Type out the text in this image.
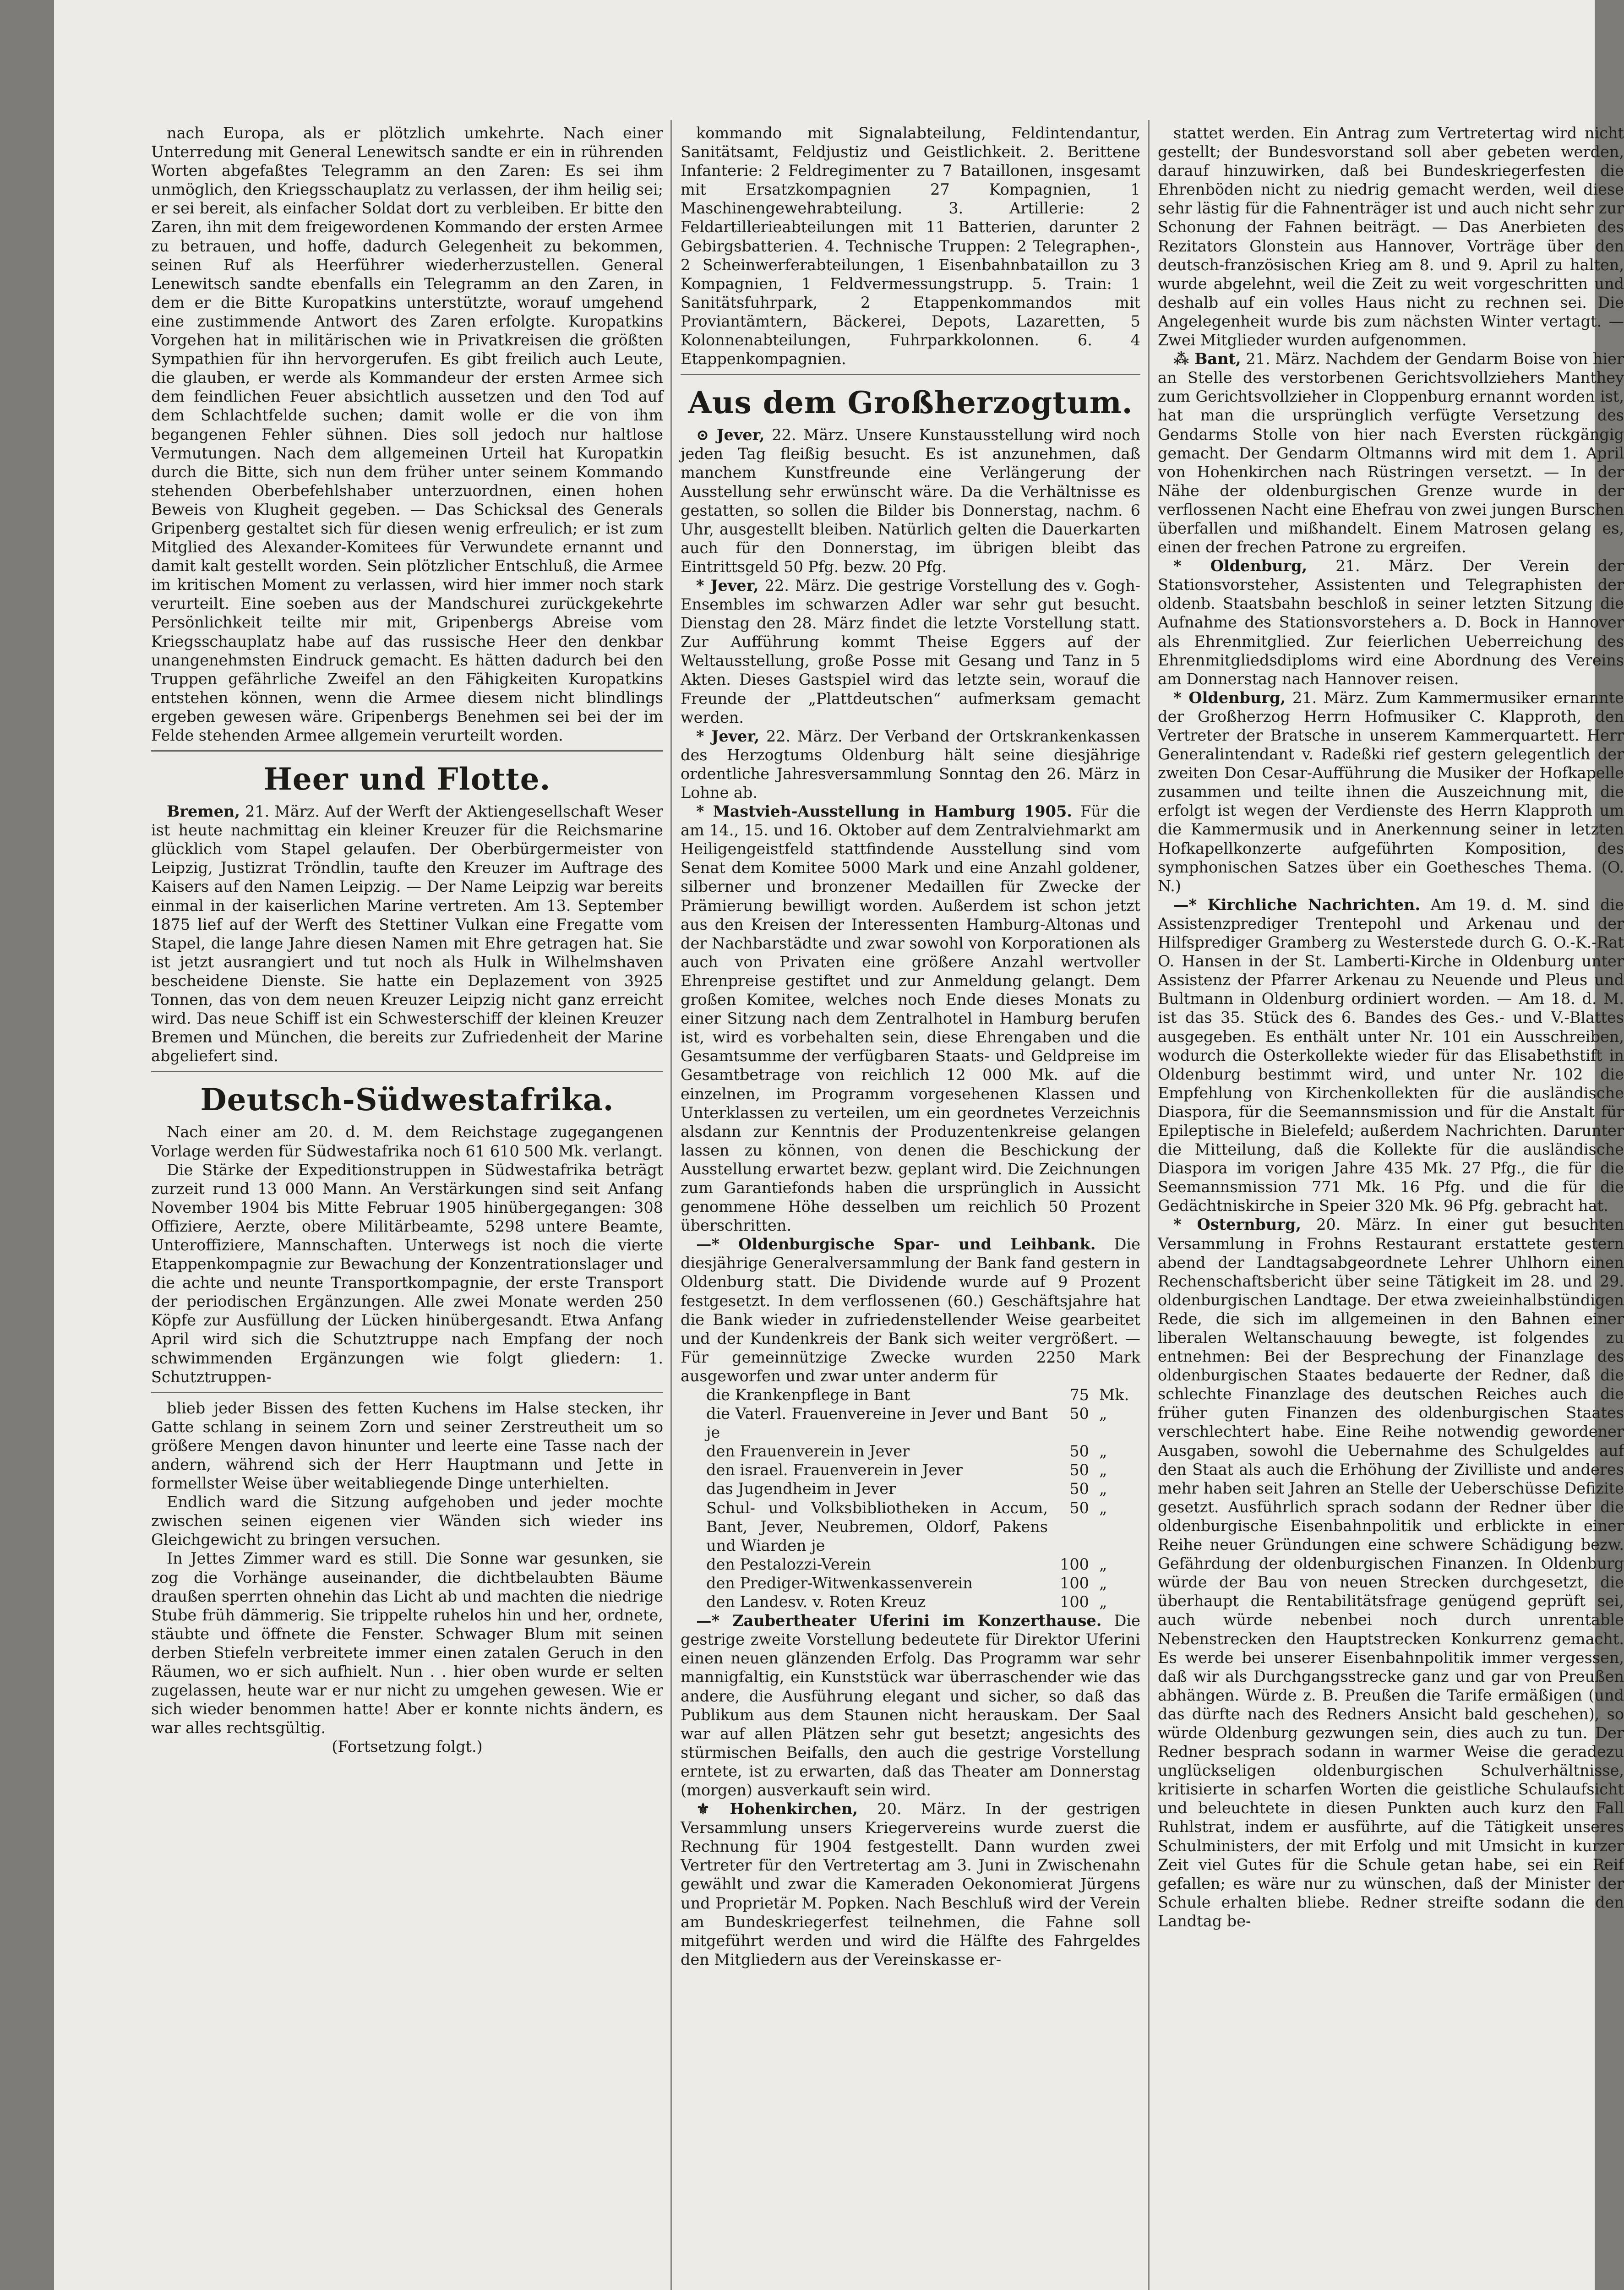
nach Europa, als er plötzlich umkehrte. Nach einer Unterredung mit General Lenewitsch sandte er ein in rührenden Worten abgefaßtes Telegramm an den Zaren: Es sei ihm unmöglich, den Kriegsschauplatz zu verlassen, der ihm heilig sei; er sei bereit, als einfacher Soldat dort zu verbleiben. Er bitte den Zaren, ihn mit dem freigewordenen Kommando der ersten Armee zu betrauen, und hoffe, dadurch Gelegenheit zu bekommen, seinen Ruf als Heerführer wiederherzustellen. General Lenewitsch sandte ebenfalls ein Telegramm an den Zaren, in dem er die Bitte Kuropatkins unterstützte, worauf umgehend eine zustimmende Antwort des Zaren erfolgte. Kuropatkins Vorgehen hat in militärischen wie in Privatkreisen die größten Sympathien für ihn hervorgerufen. Es gibt freilich auch Leute, die glauben, er werde als Kommandeur der ersten Armee sich dem feindlichen Feuer absichtlich aussetzen und den Tod auf dem Schlachtfelde suchen; damit wolle er die von ihm begangenen Fehler sühnen. Dies soll jedoch nur haltlose Vermutungen. Nach dem allgemeinen Urteil hat Kuropatkin durch die Bitte, sich nun dem früher unter seinem Kommando stehenden Oberbefehlshaber unterzuordnen, einen hohen Beweis von Klugheit gegeben. — Das Schicksal des Generals Gripenberg gestaltet sich für diesen wenig erfreulich; er ist zum Mitglied des Alexander-Komitees für Verwundete ernannt und damit kalt gestellt worden. Sein plötzlicher Entschluß, die Armee im kritischen Moment zu verlassen, wird hier immer noch stark verurteilt. Eine soeben aus der Mandschurei zurückgekehrte Persönlichkeit teilte mir mit, Gripenbergs Abreise vom Kriegsschauplatz habe auf das russische Heer den denkbar unangenehmsten Eindruck gemacht. Es hätten dadurch bei den Truppen gefährliche Zweifel an den Fähigkeiten Kuropatkins entstehen können, wenn die Armee diesem nicht blindlings ergeben gewesen wäre. Gripenbergs Benehmen sei bei der im Felde stehenden Armee allgemein verurteilt worden.

Heer und Flotte.

Bremen, 21. März. Auf der Werft der Aktiengesellschaft Weser ist heute nachmittag ein kleiner Kreuzer für die Reichsmarine glücklich vom Stapel gelaufen. Der Oberbürgermeister von Leipzig, Justizrat Tröndlin, taufte den Kreuzer im Auftrage des Kaisers auf den Namen Leipzig. — Der Name Leipzig war bereits einmal in der kaiserlichen Marine vertreten. Am 13. September 1875 lief auf der Werft des Stettiner Vulkan eine Fregatte vom Stapel, die lange Jahre diesen Namen mit Ehre getragen hat. Sie ist jetzt ausrangiert und tut noch als Hulk in Wilhelmshaven bescheidene Dienste. Sie hatte ein Deplazement von 3925 Tonnen, das von dem neuen Kreuzer Leipzig nicht ganz erreicht wird. Das neue Schiff ist ein Schwesterschiff der kleinen Kreuzer Bremen und München, die bereits zur Zufriedenheit der Marine abgeliefert sind.

Deutsch-Südwestafrika.

Nach einer am 20. d. M. dem Reichstage zugegangenen Vorlage werden für Südwestafrika noch 61 610 500 Mk. verlangt.

Die Stärke der Expeditionstruppen in Südwestafrika beträgt zurzeit rund 13 000 Mann. An Verstärkungen sind seit Anfang November 1904 bis Mitte Februar 1905 hinübergegangen: 308 Offiziere, Aerzte, obere Militärbeamte, 5298 untere Beamte, Unteroffiziere, Mannschaften. Unterwegs ist noch die vierte Etappenkompagnie zur Bewachung der Konzentrationslager und die achte und neunte Transportkompagnie, der erste Transport der periodischen Ergänzungen. Alle zwei Monate werden 250 Köpfe zur Ausfüllung der Lücken hinübergesandt. Etwa Anfang April wird sich die Schutztruppe nach Empfang der noch schwimmenden Ergänzungen wie folgt gliedern: 1. Schutztruppen-

blieb jeder Bissen des fetten Kuchens im Halse stecken, ihr Gatte schlang in seinem Zorn und seiner Zerstreutheit um so größere Mengen davon hinunter und leerte eine Tasse nach der andern, während sich der Herr Hauptmann und Jette in formellster Weise über weitabliegende Dinge unterhielten.

Endlich ward die Sitzung aufgehoben und jeder mochte zwischen seinen eigenen vier Wänden sich wieder ins Gleichgewicht zu bringen versuchen.

In Jettes Zimmer ward es still. Die Sonne war gesunken, sie zog die Vorhänge auseinander, die dichtbelaubten Bäume draußen sperrten ohnehin das Licht ab und machten die niedrige Stube früh dämmerig. Sie trippelte ruhelos hin und her, ordnete, stäubte und öffnete die Fenster. Schwager Blum mit seinen derben Stiefeln verbreitete immer einen zatalen Geruch in den Räumen, wo er sich aufhielt. Nun . . hier oben wurde er selten zugelassen, heute war er nur nicht zu umgehen gewesen. Wie er sich wieder benommen hatte! Aber er konnte nichts ändern, es war alles rechtsgültig.

(Fortsetzung folgt.)

kommando mit Signalabteilung, Feldintendantur, Sanitätsamt, Feldjustiz und Geistlichkeit. 2. Berittene Infanterie: 2 Feldregimenter zu 7 Bataillonen, insgesamt mit Ersatzkompagnien 27 Kompagnien, 1 Maschinengewehrabteilung. 3. Artillerie: 2 Feldartillerieabteilungen mit 11 Batterien, darunter 2 Gebirgsbatterien. 4. Technische Truppen: 2 Telegraphen-, 2 Scheinwerferabteilungen, 1 Eisenbahnbataillon zu 3 Kompagnien, 1 Feldvermessungstrupp. 5. Train: 1 Sanitätsfuhrpark, 2 Etappenkommandos mit Proviantämtern, Bäckerei, Depots, Lazaretten, 5 Kolonnenabteilungen, Fuhrparkkolonnen. 6. 4 Etappenkompagnien.

Aus dem Großherzogtum.

⊙ Jever, 22. März. Unsere Kunstausstellung wird noch jeden Tag fleißig besucht. Es ist anzunehmen, daß manchem Kunstfreunde eine Verlängerung der Ausstellung sehr erwünscht wäre. Da die Verhältnisse es gestatten, so sollen die Bilder bis Donnerstag, nachm. 6 Uhr, ausgestellt bleiben. Natürlich gelten die Dauerkarten auch für den Donnerstag, im übrigen bleibt das Eintrittsgeld 50 Pfg. bezw. 20 Pfg.

* Jever, 22. März. Die gestrige Vorstellung des v. Gogh-Ensembles im schwarzen Adler war sehr gut besucht. Dienstag den 28. März findet die letzte Vorstellung statt. Zur Aufführung kommt Theise Eggers auf der Weltausstellung, große Posse mit Gesang und Tanz in 5 Akten. Dieses Gastspiel wird das letzte sein, worauf die Freunde der „Plattdeutschen“ aufmerksam gemacht werden.

* Jever, 22. März. Der Verband der Ortskrankenkassen des Herzogtums Oldenburg hält seine diesjährige ordentliche Jahresversammlung Sonntag den 26. März in Lohne ab.

* Mastvieh-Ausstellung in Hamburg 1905. Für die am 14., 15. und 16. Oktober auf dem Zentralviehmarkt am Heiligengeistfeld stattfindende Ausstellung sind vom Senat dem Komitee 5000 Mark und eine Anzahl goldener, silberner und bronzener Medaillen für Zwecke der Prämierung bewilligt worden. Außerdem ist schon jetzt aus den Kreisen der Interessenten Hamburg-Altonas und der Nachbarstädte und zwar sowohl von Korporationen als auch von Privaten eine größere Anzahl wertvoller Ehrenpreise gestiftet und zur Anmeldung gelangt. Dem großen Komitee, welches noch Ende dieses Monats zu einer Sitzung nach dem Zentralhotel in Hamburg berufen ist, wird es vorbehalten sein, diese Ehrengaben und die Gesamtsumme der verfügbaren Staats- und Geldpreise im Gesamtbetrage von reichlich 12 000 Mk. auf die einzelnen, im Programm vorgesehenen Klassen und Unterklassen zu verteilen, um ein geordnetes Verzeichnis alsdann zur Kenntnis der Produzentenkreise gelangen lassen zu können, von denen die Beschickung der Ausstellung erwartet bezw. geplant wird. Die Zeichnungen zum Garantiefonds haben die ursprünglich in Aussicht genommene Höhe desselben um reichlich 50 Prozent überschritten.

—* Oldenburgische Spar- und Leihbank. Die diesjährige Generalversammlung der Bank fand gestern in Oldenburg statt. Die Dividende wurde auf 9 Prozent festgesetzt. In dem verflossenen (60.) Geschäftsjahre hat die Bank wieder in zufriedenstellender Weise gearbeitet und der Kundenkreis der Bank sich weiter vergrößert. — Für gemeinnützige Zwecke wurden 2250 Mark ausgeworfen und zwar unter anderm für

die Krankenpflege in Bant	75	Mk.
die Vaterl. Frauenvereine in Jever und Bant je	50	„
den Frauenverein in Jever	50	„
den israel. Frauenverein in Jever	50	„
das Jugendheim in Jever	50	„
Schul- und Volksbibliotheken in Accum, Bant, Jever, Neubremen, Oldorf, Pakens und Wiarden je	50	„
den Pestalozzi-Verein	100	„
den Prediger-Witwenkassenverein	100	„
den Landesv. v. Roten Kreuz	100	„

—* Zaubertheater Uferini im Konzerthause. Die gestrige zweite Vorstellung bedeutete für Direktor Uferini einen neuen glänzenden Erfolg. Das Programm war sehr mannigfaltig, ein Kunststück war überraschender wie das andere, die Ausführung elegant und sicher, so daß das Publikum aus dem Staunen nicht herauskam. Der Saal war auf allen Plätzen sehr gut besetzt; angesichts des stürmischen Beifalls, den auch die gestrige Vorstellung erntete, ist zu erwarten, daß das Theater am Donnerstag (morgen) ausverkauft sein wird.

⚜ Hohenkirchen, 20. März. In der gestrigen Versammlung unsers Kriegervereins wurde zuerst die Rechnung für 1904 festgestellt. Dann wurden zwei Vertreter für den Vertretertag am 3. Juni in Zwischenahn gewählt und zwar die Kameraden Oekonomierat Jürgens und Proprietär M. Popken. Nach Beschluß wird der Verein am Bundeskriegerfest teilnehmen, die Fahne soll mitgeführt werden und wird die Hälfte des Fahrgeldes den Mitgliedern aus der Vereinskasse er-

stattet werden. Ein Antrag zum Vertretertag wird nicht gestellt; der Bundesvorstand soll aber gebeten werden, darauf hinzuwirken, daß bei Bundeskriegerfesten die Ehrenböden nicht zu niedrig gemacht werden, weil diese sehr lästig für die Fahnenträger ist und auch nicht sehr zur Schonung der Fahnen beiträgt. — Das Anerbieten des Rezitators Glonstein aus Hannover, Vorträge über den deutsch-französischen Krieg am 8. und 9. April zu halten, wurde abgelehnt, weil die Zeit zu weit vorgeschritten und deshalb auf ein volles Haus nicht zu rechnen sei. Die Angelegenheit wurde bis zum nächsten Winter vertagt. — Zwei Mitglieder wurden aufgenommen.

⁂ Bant, 21. März. Nachdem der Gendarm Boise von hier an Stelle des verstorbenen Gerichtsvollziehers Manthey zum Gerichtsvollzieher in Cloppenburg ernannt worden ist, hat man die ursprünglich verfügte Versetzung des Gendarms Stolle von hier nach Eversten rückgängig gemacht. Der Gendarm Oltmanns wird mit dem 1. April von Hohenkirchen nach Rüstringen versetzt. — In der Nähe der oldenburgischen Grenze wurde in der verflossenen Nacht eine Ehefrau von zwei jungen Burschen überfallen und mißhandelt. Einem Matrosen gelang es, einen der frechen Patrone zu ergreifen.

* Oldenburg, 21. März. Der Verein der Stationsvorsteher, Assistenten und Telegraphisten der oldenb. Staatsbahn beschloß in seiner letzten Sitzung die Aufnahme des Stationsvorstehers a. D. Bock in Hannover als Ehrenmitglied. Zur feierlichen Ueberreichung des Ehrenmitgliedsdiploms wird eine Abordnung des Vereins am Donnerstag nach Hannover reisen.

* Oldenburg, 21. März. Zum Kammermusiker ernannte der Großherzog Herrn Hofmusiker C. Klapproth, den Vertreter der Bratsche in unserem Kammerquartett. Herr Generalintendant v. Radeßki rief gestern gelegentlich der zweiten Don Cesar-Aufführung die Musiker der Hofkapelle zusammen und teilte ihnen die Auszeichnung mit, die erfolgt ist wegen der Verdienste des Herrn Klapproth um die Kammermusik und in Anerkennung seiner in letzten Hofkapellkonzerte aufgeführten Komposition, des symphonischen Satzes über ein Goethesches Thema. (O. N.)

—* Kirchliche Nachrichten. Am 19. d. M. sind die Assistenzprediger Trentepohl und Arkenau und der Hilfsprediger Gramberg zu Westerstede durch G. O.-K.-Rat O. Hansen in der St. Lamberti-Kirche in Oldenburg unter Assistenz der Pfarrer Arkenau zu Neuende und Pleus und Bultmann in Oldenburg ordiniert worden. — Am 18. d. M. ist das 35. Stück des 6. Bandes des Ges.- und V.-Blattes ausgegeben. Es enthält unter Nr. 101 ein Ausschreiben, wodurch die Osterkollekte wieder für das Elisabethstift in Oldenburg bestimmt wird, und unter Nr. 102 die Empfehlung von Kirchenkollekten für die ausländische Diaspora, für die Seemannsmission und für die Anstalt für Epileptische in Bielefeld; außerdem Nachrichten. Darunter die Mitteilung, daß die Kollekte für die ausländische Diaspora im vorigen Jahre 435 Mk. 27 Pfg., die für die Seemannsmission 771 Mk. 16 Pfg. und die für die Gedächtniskirche in Speier 320 Mk. 96 Pfg. gebracht hat.

* Osternburg, 20. März. In einer gut besuchten Versammlung in Frohns Restaurant erstattete gestern abend der Landtagsabgeordnete Lehrer Uhlhorn einen Rechenschaftsbericht über seine Tätigkeit im 28. und 29. oldenburgischen Landtage. Der etwa zweieinhalbstündigen Rede, die sich im allgemeinen in den Bahnen einer liberalen Weltanschauung bewegte, ist folgendes zu entnehmen: Bei der Besprechung der Finanzlage des oldenburgischen Staates bedauerte der Redner, daß die schlechte Finanzlage des deutschen Reiches auch die früher guten Finanzen des oldenburgischen Staates verschlechtert habe. Eine Reihe notwendig gewordener Ausgaben, sowohl die Uebernahme des Schulgeldes auf den Staat als auch die Erhöhung der Zivilliste und anderes mehr haben seit Jahren an Stelle der Ueberschüsse Defizite gesetzt. Ausführlich sprach sodann der Redner über die oldenburgische Eisenbahnpolitik und erblickte in einer Reihe neuer Gründungen eine schwere Schädigung bezw. Gefährdung der oldenburgischen Finanzen. In Oldenburg würde der Bau von neuen Strecken durchgesetzt, die überhaupt die Rentabilitätsfrage genügend geprüft sei, auch würde nebenbei noch durch unrentable Nebenstrecken den Hauptstrecken Konkurrenz gemacht. Es werde bei unserer Eisenbahnpolitik immer vergessen, daß wir als Durchgangsstrecke ganz und gar von Preußen abhängen. Würde z. B. Preußen die Tarife ermäßigen (und das dürfte nach des Redners Ansicht bald geschehen), so würde Oldenburg gezwungen sein, dies auch zu tun. Der Redner besprach sodann in warmer Weise die geradezu unglückseligen oldenburgischen Schulverhältnisse, kritisierte in scharfen Worten die geistliche Schulaufsicht und beleuchtete in diesen Punkten auch kurz den Fall Ruhlstrat, indem er ausführte, auf die Tätigkeit unseres Schulministers, der mit Erfolg und mit Umsicht in kurzer Zeit viel Gutes für die Schule getan habe, sei ein Reif gefallen; es wäre nur zu wünschen, daß der Minister der Schule erhalten bliebe. Redner streifte sodann die den Landtag be-
